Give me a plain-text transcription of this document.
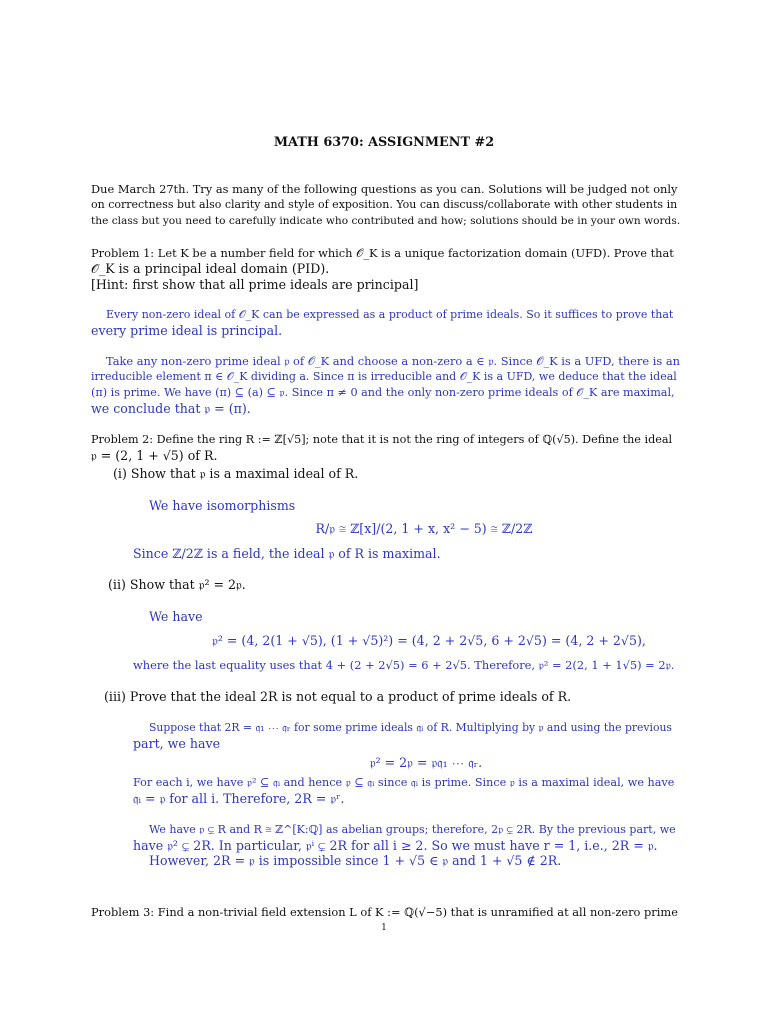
MATH 6370: ASSIGNMENT #2
Due March 27th. Try as many of the following questions as you can. Solutions will be judged not only
on correctness but also clarity and style of exposition. You can discuss/collaborate with other students in
the class but you need to carefully indicate who contributed and how; solutions should be in your own words.
Problem 1: Let K be a number field for which 𝒪_K is a unique factorization domain (UFD). Prove that
𝒪_K is a principal ideal domain (PID).
[Hint: first show that all prime ideals are principal]
Every non-zero ideal of 𝒪_K can be expressed as a product of prime ideals. So it suffices to prove that
every prime ideal is principal.
Take any non-zero prime ideal 𝔭 of 𝒪_K and choose a non-zero a ∈ 𝔭. Since 𝒪_K is a UFD, there is an
irreducible element π ∈ 𝒪_K dividing a. Since π is irreducible and 𝒪_K is a UFD, we deduce that the ideal
(π) is prime. We have (π) ⊆ (a) ⊆ 𝔭. Since π ≠ 0 and the only non-zero prime ideals of 𝒪_K are maximal,
we conclude that 𝔭 = (π).
Problem 2: Define the ring R := ℤ[√5]; note that it is not the ring of integers of ℚ(√5). Define the ideal
𝔭 = (2, 1 + √5) of R.
(i) Show that 𝔭 is a maximal ideal of R.
We have isomorphisms
R/𝔭 ≅ ℤ[x]/(2, 1 + x, x² − 5) ≅ ℤ/2ℤ
Since ℤ/2ℤ is a field, the ideal 𝔭 of R is maximal.
(ii) Show that 𝔭² = 2𝔭.
We have
𝔭² = (4, 2(1 + √5), (1 + √5)²) = (4, 2 + 2√5, 6 + 2√5) = (4, 2 + 2√5),
where the last equality uses that 4 + (2 + 2√5) = 6 + 2√5. Therefore, 𝔭² = 2(2, 1 + 1√5) = 2𝔭.
(iii) Prove that the ideal 2R is not equal to a product of prime ideals of R.
Suppose that 2R = 𝔮₁ ⋯ 𝔮ᵣ for some prime ideals 𝔮ᵢ of R. Multiplying by 𝔭 and using the previous
part, we have
𝔭² = 2𝔭 = 𝔭𝔮₁ ⋯ 𝔮ᵣ.
For each i, we have 𝔭² ⊆ 𝔮ᵢ and hence 𝔭 ⊆ 𝔮ᵢ since 𝔮ᵢ is prime. Since 𝔭 is a maximal ideal, we have
𝔮ᵢ = 𝔭 for all i. Therefore, 2R = 𝔭ʳ.
We have 𝔭 ⊊ R and R ≅ ℤ^[K:ℚ] as abelian groups; therefore, 2𝔭 ⊊ 2R. By the previous part, we
have 𝔭² ⊊ 2R. In particular, 𝔭ⁱ ⊊ 2R for all i ≥ 2. So we must have r = 1, i.e., 2R = 𝔭.
However, 2R = 𝔭 is impossible since 1 + √5 ∈ 𝔭 and 1 + √5 ∉ 2R.
Problem 3: Find a non-trivial field extension L of K := ℚ(√−5) that is unramified at all non-zero prime
1
